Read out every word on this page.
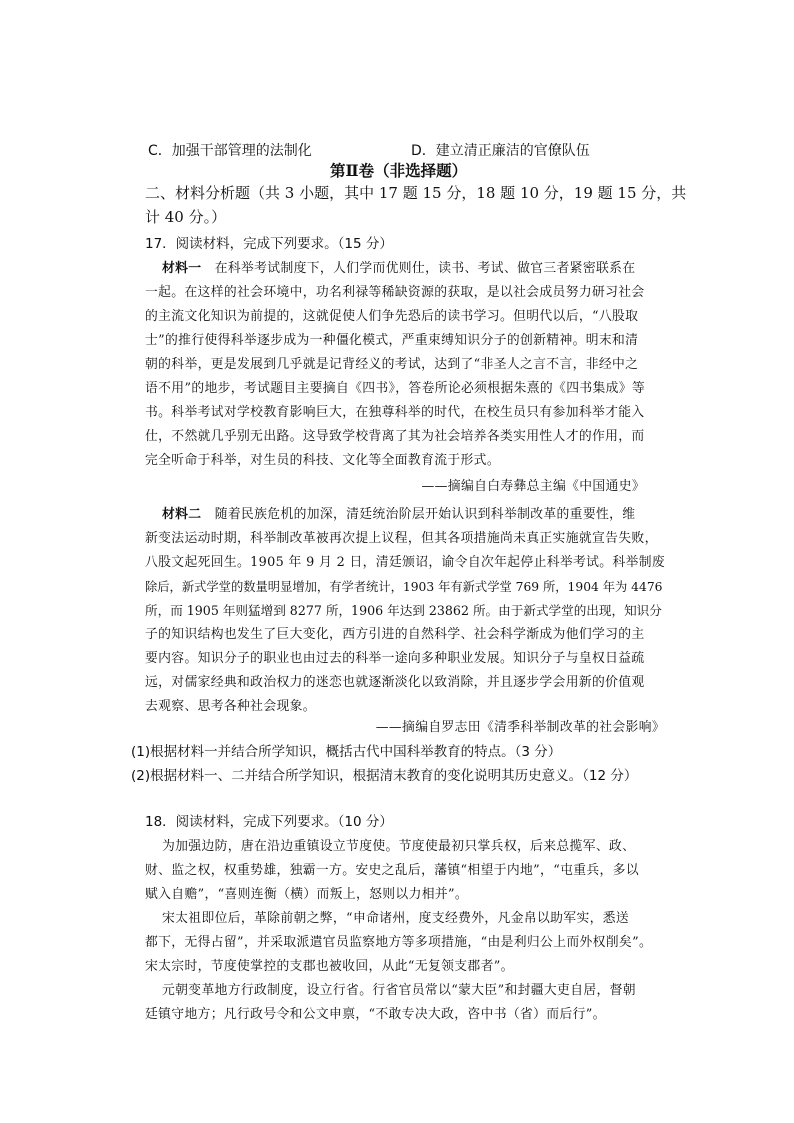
C．加强干部管理的法制化	D．建立清正廉洁的官僚队伍
第Ⅱ卷（非选择题）
二、材料分析题（共 3 小题，其中 17 题 15 分，18 题 10 分，19 题 15 分，共
计 40 分。）
17．阅读材料，完成下列要求。（15 分）
材料一 在科举考试制度下，人们学而优则仕，读书、考试、做官三者紧密联系在
一起。在这样的社会环境中，功名利禄等稀缺资源的获取，是以社会成员努力研习社会
的主流文化知识为前提的，这就促使人们争先恐后的读书学习。但明代以后，“八股取
士”的推行使得科举逐步成为一种僵化模式，严重束缚知识分子的创新精神。明末和清
朝的科举，更是发展到几乎就是记背经义的考试，达到了“非圣人之言不言，非经中之
语不用”的地步，考试题目主要摘自《四书》，答卷所论必须根据朱熹的《四书集成》等
书。科举考试对学校教育影响巨大，在独尊科举的时代，在校生员只有参加科举才能入
仕，不然就几乎别无出路。这导致学校背离了其为社会培养各类实用性人才的作用，而
完全听命于科举，对生员的科技、文化等全面教育流于形式。
——摘编自白寿彝总主编《中国通史》
材料二 随着民族危机的加深，清廷统治阶层开始认识到科举制改革的重要性，维
新变法运动时期，科举制改革被再次提上议程，但其各项措施尚未真正实施就宣告失败，
八股文起死回生。1905 年 9 月 2 日，清廷颁诏，谕令自次年起停止科举考试。科举制废
除后，新式学堂的数量明显增加，有学者统计，1903 年有新式学堂 769 所，1904 年为 4476
所，而 1905 年则猛增到 8277 所，1906 年达到 23862 所。由于新式学堂的出现，知识分
子的知识结构也发生了巨大变化，西方引进的自然科学、社会科学渐成为他们学习的主
要内容。知识分子的职业也由过去的科举一途向多种职业发展。知识分子与皇权日益疏
远，对儒家经典和政治权力的迷恋也就逐渐淡化以致消除，并且逐步学会用新的价值观
去观察、思考各种社会现象。
——摘编自罗志田《清季科举制改革的社会影响》
(1)根据材料一并结合所学知识，概括古代中国科举教育的特点。（3 分）
(2)根据材料一、二并结合所学知识，根据清末教育的变化说明其历史意义。（12 分）
18．阅读材料，完成下列要求。（10 分）
为加强边防，唐在沿边重镇设立节度使。节度使最初只掌兵权，后来总揽军、政、
财、监之权，权重势雄，独霸一方。安史之乱后，藩镇“相望于内地”，“屯重兵，多以
赋入自赡”，“喜则连衡（横）而叛上，怒则以力相并”。
宋太祖即位后，革除前朝之弊，“申命诸州，度支经费外，凡金帛以助军实，悉送
都下，无得占留”，并采取派遣官员监察地方等多项措施，“由是利归公上而外权削矣”。
宋太宗时，节度使掌控的支郡也被收回，从此“无复领支郡者”。
元朝变革地方行政制度，设立行省。行省官员常以“蒙大臣”和封疆大吏自居，督朝
廷镇守地方；凡行政号令和公文申禀，“不敢专决大政，咨中书（省）而后行”。
